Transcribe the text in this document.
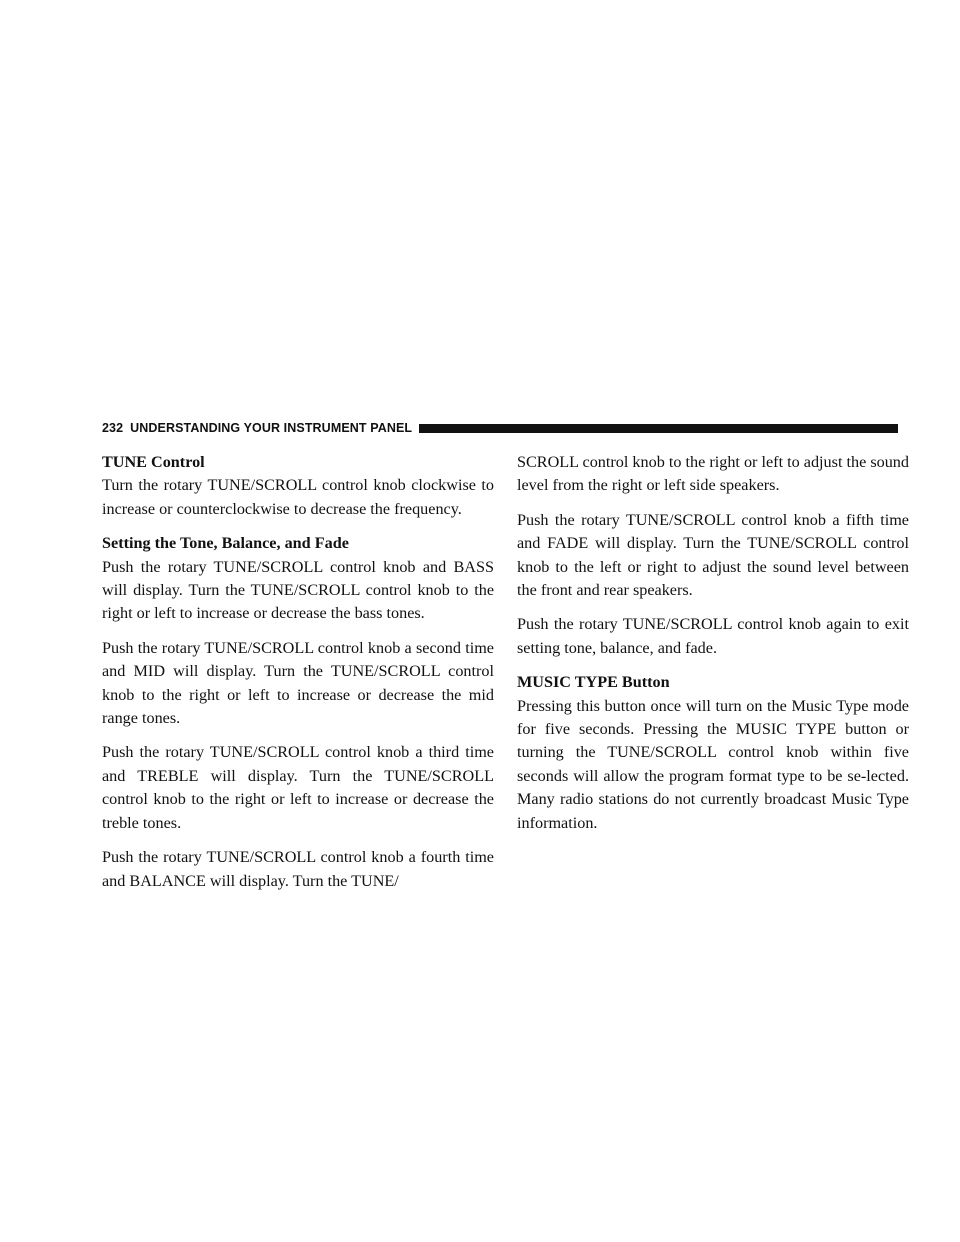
232 UNDERSTANDING YOUR INSTRUMENT PANEL
TUNE Control

Turn the rotary TUNE/SCROLL control knob clockwise to increase or counterclockwise to decrease the frequency.

Setting the Tone, Balance, and Fade

Push the rotary TUNE/SCROLL control knob and BASS will display. Turn the TUNE/SCROLL control knob to the right or left to increase or decrease the bass tones.

Push the rotary TUNE/SCROLL control knob a second time and MID will display. Turn the TUNE/SCROLL control knob to the right or left to increase or decrease the mid range tones.

Push the rotary TUNE/SCROLL control knob a third time and TREBLE will display. Turn the TUNE/SCROLL control knob to the right or left to increase or decrease the treble tones.

Push the rotary TUNE/SCROLL control knob a fourth time and BALANCE will display. Turn the TUNE/

SCROLL control knob to the right or left to adjust the sound level from the right or left side speakers.

Push the rotary TUNE/SCROLL control knob a fifth time and FADE will display. Turn the TUNE/SCROLL control knob to the left or right to adjust the sound level between the front and rear speakers.

Push the rotary TUNE/SCROLL control knob again to exit setting tone, balance, and fade.

MUSIC TYPE Button

Pressing this button once will turn on the Music Type mode for five seconds. Pressing the MUSIC TYPE button or turning the TUNE/SCROLL control knob within five seconds will allow the program format type to be se-lected. Many radio stations do not currently broadcast Music Type information.
